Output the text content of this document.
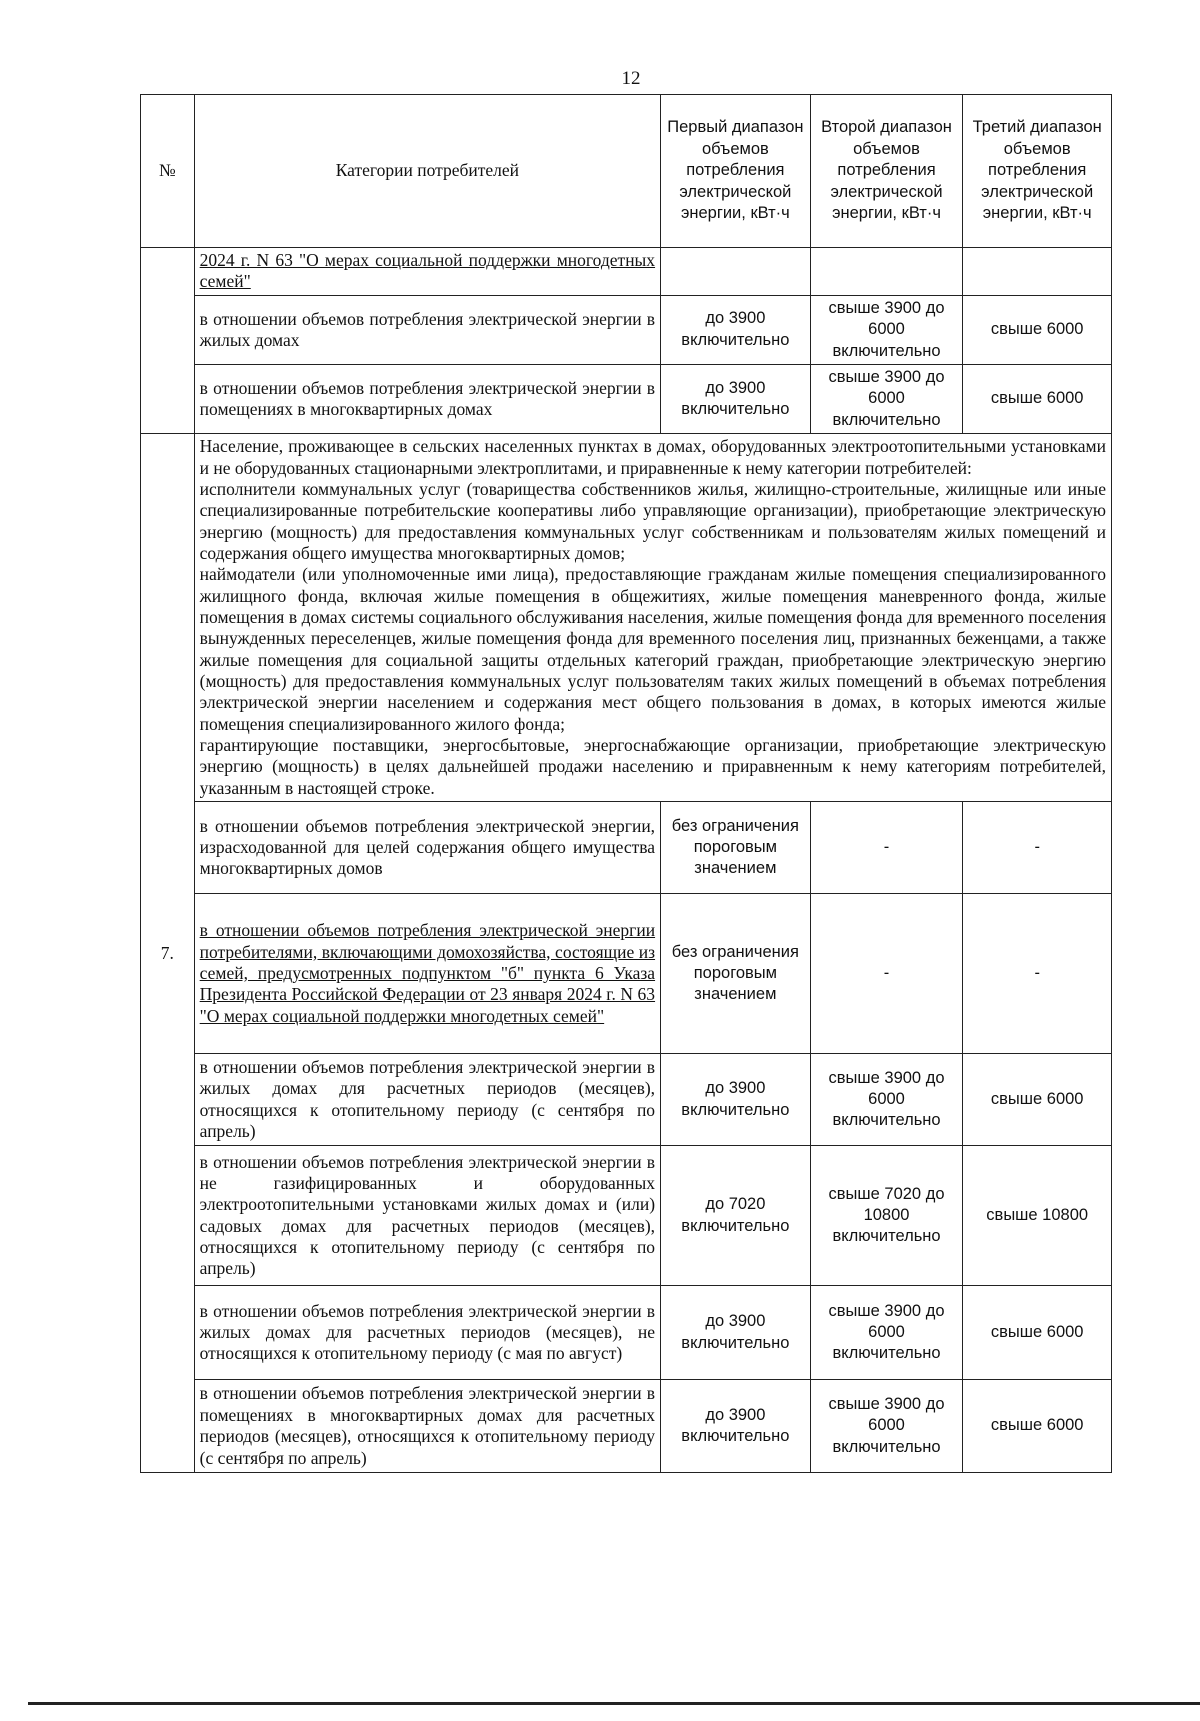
12
№	Категории потребителей	Первый диапазон объемов потребления электрической энергии, кВт·ч	Второй диапазон объемов потребления электрической энергии, кВт·ч	Третий диапазон объемов потребления электрической энергии, кВт·ч
	2024 г. N 63 "О мерах социальной поддержки многодетных семей"			
	в отношении объемов потребления электрической энергии в жилых домах	до 3900 включительно	свыше 3900 до 6000 включительно	свыше 6000
	в отношении объемов потребления электрической энергии в помещениях в многоквартирных домах	до 3900 включительно	свыше 3900 до 6000 включительно	свыше 6000
7.	Население, проживающее в сельских населенных пунктах в домах, оборудованных электроотопительными установками и не оборудованных стационарными электроплитами, и приравненные к нему категории потребителей:

исполнители коммунальных услуг (товарищества собственников жилья, жилищно-строительные, жилищные или иные специализированные потребительские кооперативы либо управляющие организации), приобретающие электрическую энергию (мощность) для предоставления коммунальных услуг собственникам и пользователям жилых помещений и содержания общего имущества многоквартирных домов;

наймодатели (или уполномоченные ими лица), предоставляющие гражданам жилые помещения специализированного жилищного фонда, включая жилые помещения в общежитиях, жилые помещения маневренного фонда, жилые помещения в домах системы социального обслуживания населения, жилые помещения фонда для временного поселения вынужденных переселенцев, жилые помещения фонда для временного поселения лиц, признанных беженцами, а также жилые помещения для социальной защиты отдельных категорий граждан, приобретающие электрическую энергию (мощность) для предоставления коммунальных услуг пользователям таких жилых помещений в объемах потребления электрической энергии населением и содержания мест общего пользования в домах, в которых имеются жилые помещения специализированного жилого фонда;

гарантирующие поставщики, энергосбытовые, энергоснабжающие организации, приобретающие электрическую энергию (мощность) в целях дальнейшей продажи населению и приравненным к нему категориям потребителей, указанным в настоящей строке.			

	в отношении объемов потребления электрической энергии, израсходованной для целей содержания общего имущества многоквартирных домов	без ограничения пороговым значением	-	-
	в отношении объемов потребления электрической энергии потребителями, включающими домохозяйства, состоящие из семей, предусмотренных подпунктом "б" пункта 6 Указа Президента Российской Федерации от 23 января 2024 г. N 63 "О мерах социальной поддержки многодетных семей"	без ограничения пороговым значением	-	-
	в отношении объемов потребления электрической энергии в жилых домах для расчетных периодов (месяцев), относящихся к отопительному периоду (с сентября по апрель)	до 3900 включительно	свыше 3900 до 6000 включительно	свыше 6000
	в отношении объемов потребления электрической энергии в не газифицированных и оборудованных электроотопительными установками жилых домах и (или) садовых домах для расчетных периодов (месяцев), относящихся к отопительному периоду (с сентября по апрель)	до 7020 включительно	свыше 7020 до 10800 включительно	свыше 10800
	в отношении объемов потребления электрической энергии в жилых домах для расчетных периодов (месяцев), не относящихся к отопительному периоду (с мая по август)	до 3900 включительно	свыше 3900 до 6000 включительно	свыше 6000
	в отношении объемов потребления электрической энергии в помещениях в многоквартирных домах для расчетных периодов (месяцев), относящихся к отопительному периоду (с сентября по апрель)	до 3900 включительно	свыше 3900 до 6000 включительно	свыше 6000
